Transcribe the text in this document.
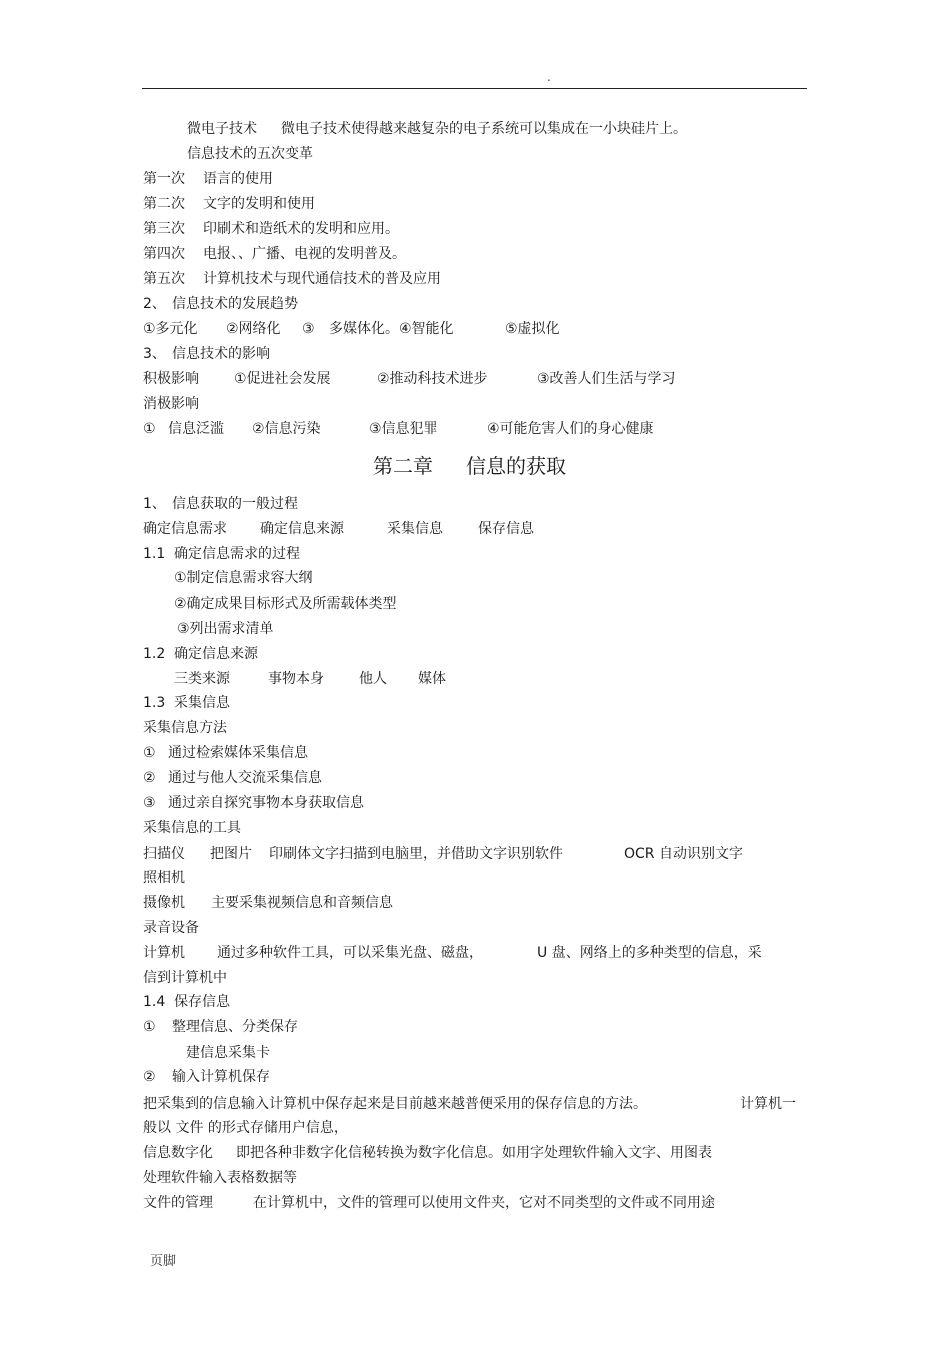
.
微电子技术 微电子技术使得越来越复杂的电子系统可以集成在一小块硅片上。
信息技术的五次变革
第一次 语言的使用
第二次 文字的发明和使用
第三次 印刷术和造纸术的发明和应用。
第四次 电报、、广播、电视的发明普及。
第五次 计算机技术与现代通信技术的普及应用
2、 信息技术的发展趋势
①多元化 ②网络化 ③ 多媒体化。④智能化	⑤虚拟化
3、 信息技术的影响
积极影响	①促进社会发展	②推动科技术进步	③改善人们生活与学习
消极影响
① 信息泛滥 ②信息污染	③信息犯罪	④可能危害人们的身心健康
1、 信息获取的一般过程
确定信息需求 确定信息来源	采集信息	保存信息
1.1 确定信息需求的过程
①制定信息需求容大纲
②确定成果目标形式及所需载体类型
③列出需求清单
1.2 确定信息来源
三类来源	事物本身	他人 媒体
1.3 采集信息
采集信息方法
① 通过检索媒体采集信息
② 通过与他人交流采集信息
③ 通过亲自探究事物本身获取信息
采集信息的工具
扫描仪 把图片 印刷体文字扫描到电脑里，并借助文字识别软件	OCR 自动识别文字
照相机
摄像机 主要采集视频信息和音频信息
录音设备
计算机 通过多种软件工具，可以采集光盘、磁盘，	U 盘、网络上的多种类型的信息，采
信到计算机中
1.4 保存信息
① 整理信息、分类保存
建信息采集卡
② 输入计算机保存
把采集到的信息输入计算机中保存起来是目前越来越普便采用的保存信息的方法。	计算机一
般以 文件 的形式存储用户信息，
信息数字化 即把各种非数字化信秘转换为数字化信息。如用字处理软件输入文字、用图表
处理软件输入表格数据等
文件的管理	在计算机中，文件的管理可以使用文件夹，它对不同类型的文件或不同用途
第二章 信息的获取
页脚
